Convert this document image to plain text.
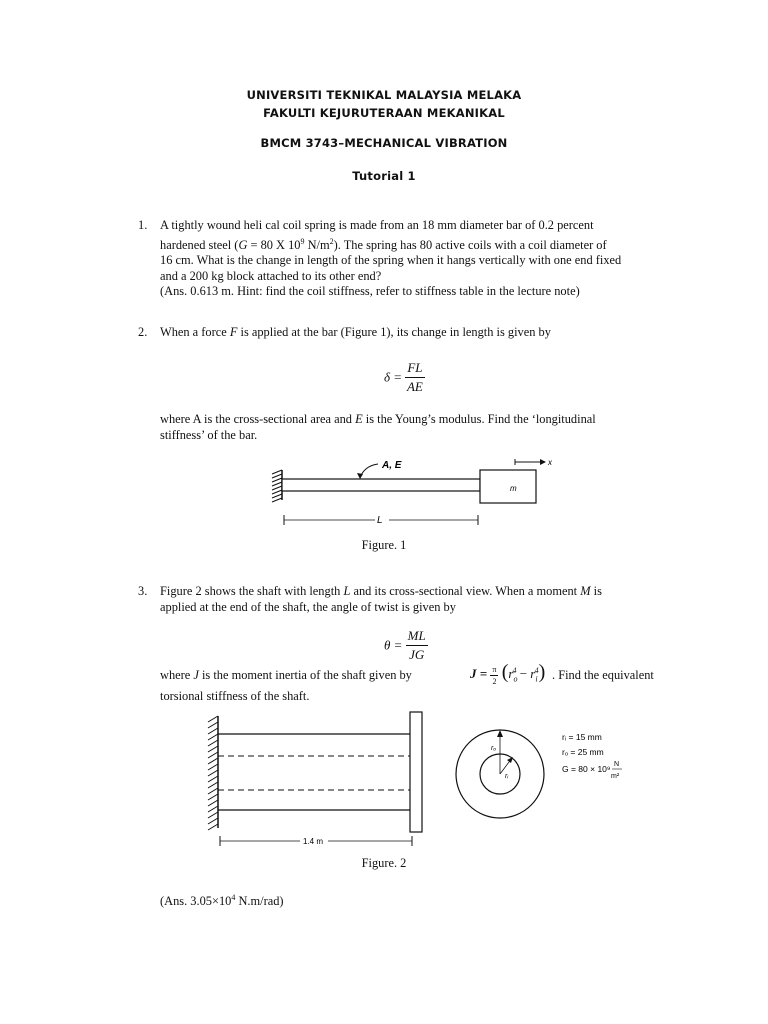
UNIVERSITI TEKNIKAL MALAYSIA MELAKA
FAKULTI KEJURUTERAAN MEKANIKAL
BMCM 3743–MECHANICAL VIBRATION
Tutorial 1
1. A tightly wound heli cal coil spring is made from an 18 mm diameter bar of 0.2 percent
hardened steel (G = 80 X $10^9$ $N/m^2$). The spring has 80 active coils with a coil diameter of
16 cm. What is the change in length of the spring when it hangs vertically with one end fixed
and a 200 kg block attached to its other end?
(Ans. 0.613 m. Hint: find the coil stiffness, refer to stiffness table in the lecture note)
2. When a force F is applied at the bar (Figure 1), its change in length is given by
$\delta = \frac{FL}{AE}$
where A is the cross-sectional area and E is the Young’s modulus. Find the ‘longitudinal
stiffness’ of the bar.
m
A, E	x
L
Figure. 1
3. Figure 2 shows the shaft with length L and its cross-sectional view. When a moment M is
applied at the end of the shaft, the angle of twist is given by
$\theta = \frac{ML}{JG}$
where J is the moment inertia of the shaft given by	$J = \frac{\pi}{2} (r_o^4 - r_i^4)$ . Find the equivalent
torsional stiffness of the shaft.
1.4 m
rₒ
rᵢ
rᵢ = 15 mm
rₒ = 25 mm
G = 80 × 10⁹ N
m²
Figure. 2
(Ans. $3.05\times 10^4$ N.m/rad)
